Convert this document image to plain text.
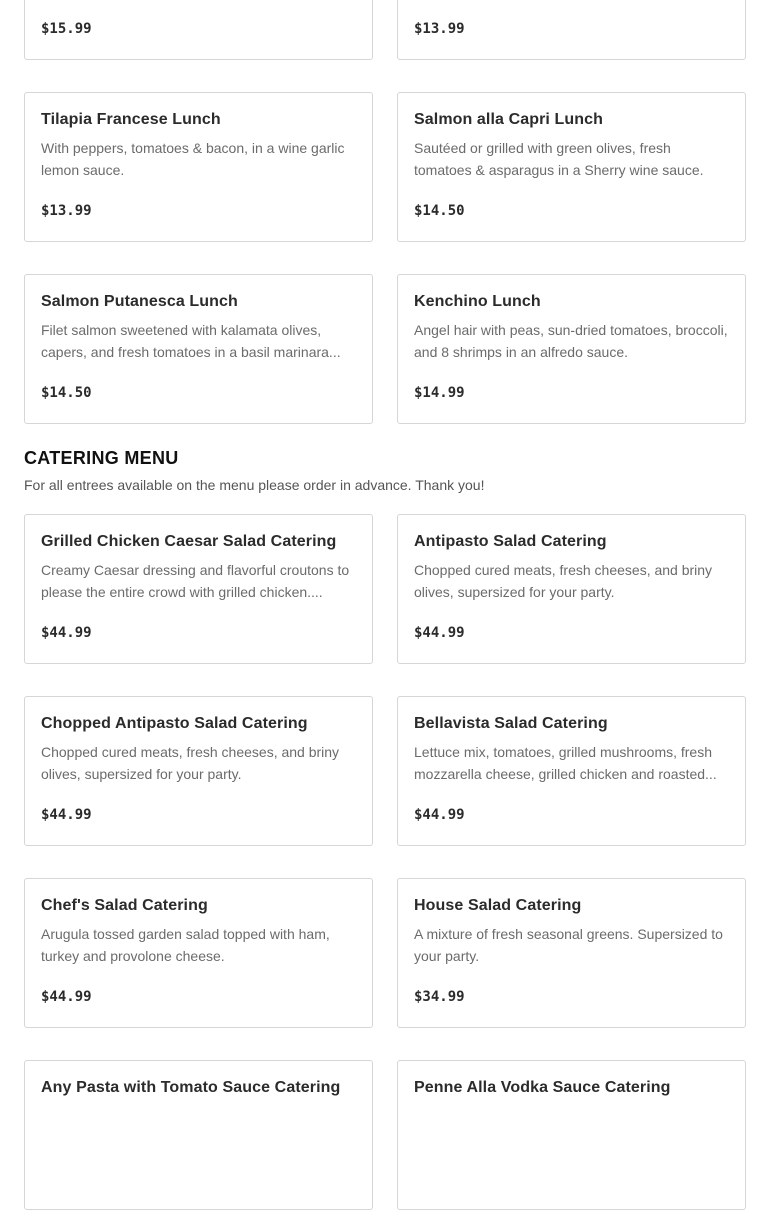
$15.99	$13.99
Tilapia Francese Lunch
With peppers, tomatoes & bacon, in a wine garlic lemon sauce.
$13.99
Salmon alla Capri Lunch
Sautéed or grilled with green olives, fresh tomatoes & asparagus in a Sherry wine sauce.
$14.50
Salmon Putanesca Lunch
Filet salmon sweetened with kalamata olives, capers, and fresh tomatoes in a basil marinara...
$14.50
Kenchino Lunch
Angel hair with peas, sun-dried tomatoes, broccoli, and 8 shrimps in an alfredo sauce.
$14.99
CATERING MENU

For all entrees available on the menu please order in advance. Thank you!

Grilled Chicken Caesar Salad Catering
Creamy Caesar dressing and flavorful croutons to please the entire crowd with grilled chicken....
$44.99
Antipasto Salad Catering
Chopped cured meats, fresh cheeses, and briny olives, supersized for your party.
$44.99
Chopped Antipasto Salad Catering
Chopped cured meats, fresh cheeses, and briny olives, supersized for your party.
$44.99
Bellavista Salad Catering
Lettuce mix, tomatoes, grilled mushrooms, fresh mozzarella cheese, grilled chicken and roasted...
$44.99
Chef's Salad Catering
Arugula tossed garden salad topped with ham, turkey and provolone cheese.
$44.99
House Salad Catering
A mixture of fresh seasonal greens. Supersized to your party.
$34.99
Any Pasta with Tomato Sauce Catering	Penne Alla Vodka Sauce Catering
